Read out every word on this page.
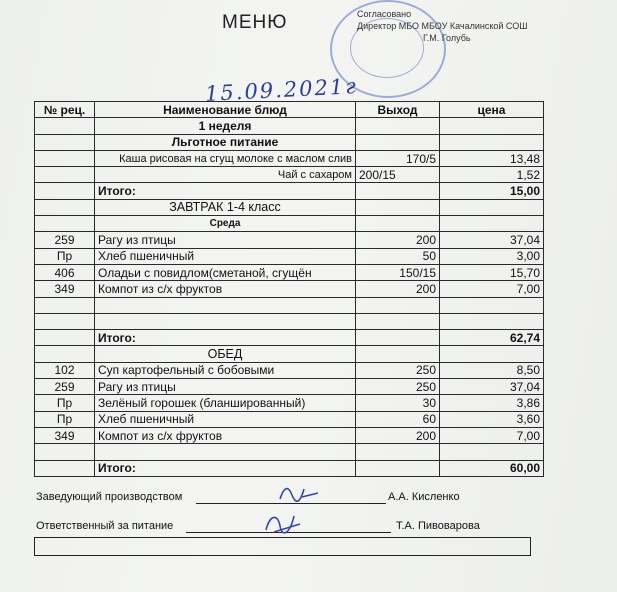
МЕНЮ	Согласовано
Директор МБО МБОУ Качалинской СОШ
Г.М. Голубь
15.09.2021г
№ рец.	Наименование блюд	Выход	цена
	1 неделя		
	Льготное питание		
	Каша рисовая на сгущ молоке с маслом слив	170/5	13,48
	Чай с сахаром	200/15	1,52
	Итого:		15,00
	ЗАВТРАК 1-4 класс		
	Среда		
259	Рагу из птицы	200	37,04
Пр	Хлеб пшеничный	50	3,00
406	Оладьи с повидлом(сметаной, сгущён	150/15	15,70
349	Компот из с/х фруктов	200	7,00

	Итого:		62,74
	ОБЕД		
102	Суп картофельный с бобовыми	250	8,50
259	Рагу из птицы	250	37,04
Пр	Зелёный горошек (бланшированный)	30	3,86
Пр	Хлеб пшеничный	60	3,60
349	Компот из с/х фруктов	200	7,00

	Итого:		60,00
Заведующий производством	А.А. Кисленко
Ответственный за питание	Т.А. Пивоварова
